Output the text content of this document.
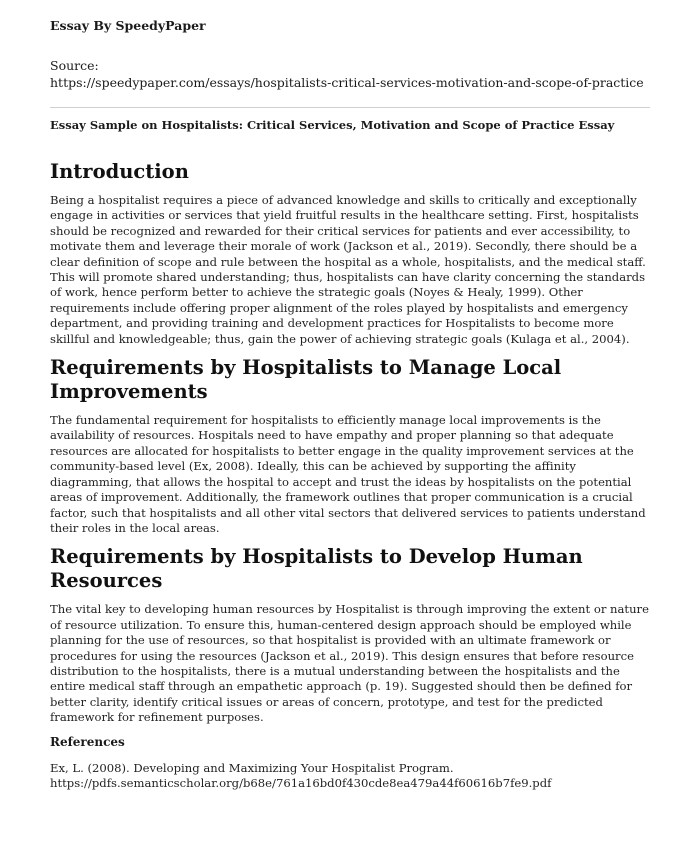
Essay By SpeedyPaper
Source:
https://speedypaper.com/essays/hospitalists-critical-services-motivation-and-scope-of-practice
Essay Sample on Hospitalists: Critical Services, Motivation and Scope of Practice Essay
Introduction

Being a hospitalist requires a piece of advanced knowledge and skills to critically and exceptionally engage in activities or services that yield fruitful results in the healthcare setting. First, hospitalists should be recognized and rewarded for their critical services for patients and ever accessibility, to motivate them and leverage their morale of work (Jackson et al., 2019). Secondly, there should be a clear definition of scope and rule between the hospital as a whole, hospitalists, and the medical staff. This will promote shared understanding; thus, hospitalists can have clarity concerning the standards of work, hence perform better to achieve the strategic goals (Noyes & Healy, 1999). Other requirements include offering proper alignment of the roles played by hospitalists and emergency department, and providing training and development practices for Hospitalists to become more skillful and knowledgeable; thus, gain the power of achieving strategic goals (Kulaga et al., 2004).

Requirements by Hospitalists to Manage Local Improvements

The fundamental requirement for hospitalists to efficiently manage local improvements is the availability of resources. Hospitals need to have empathy and proper planning so that adequate resources are allocated for hospitalists to better engage in the quality improvement services at the community-based level (Ex, 2008). Ideally, this can be achieved by supporting the affinity diagramming, that allows the hospital to accept and trust the ideas by hospitalists on the potential areas of improvement. Additionally, the framework outlines that proper communication is a crucial factor, such that hospitalists and all other vital sectors that delivered services to patients understand their roles in the local areas.

Requirements by Hospitalists to Develop Human Resources

The vital key to developing human resources by Hospitalist is through improving the extent or nature of resource utilization. To ensure this, human-centered design approach should be employed while planning for the use of resources, so that hospitalist is provided with an ultimate framework or procedures for using the resources (Jackson et al., 2019). This design ensures that before resource distribution to the hospitalists, there is a mutual understanding between the hospitalists and the entire medical staff through an empathetic approach (p. 19). Suggested should then be defined for better clarity, identify critical issues or areas of concern, prototype, and test for the predicted framework for refinement purposes.

References

Ex, L. (2008). Developing and Maximizing Your Hospitalist Program.

https://pdfs.semanticscholar.org/b68e/761a16bd0f430cde8ea479a44f60616b7fe9.pdf
